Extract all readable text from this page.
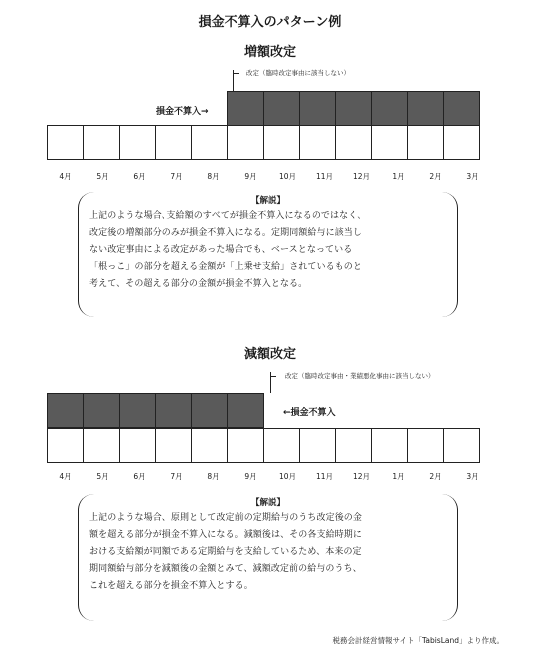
損金不算入のパターン例
増額改定
改定（臨時改定事由に該当しない）
損金不算入→
4月	5月	6月	7月	8月	9月	10月	11月	12月	1月	2月	3月
【解説】
上記のような場合､支給額のすべてが損金不算入になるのではなく､
改定後の増額部分のみが損金不算入になる。定期同額給与に該当し
ない改定事由による改定があった場合でも、ベースとなっている
「根っこ」の部分を超える金額が「上乗せ支給」されているものと
考えて、その超える部分の金額が損金不算入となる。
減額改定
改定（臨時改定事由・業績悪化事由に該当しない）
←損金不算入
4月	5月	6月	7月	8月	9月	10月	11月	12月	1月	2月	3月
【解説】
上記のような場合、原則として改定前の定期給与のうち改定後の金
額を超える部分が損金不算入になる。減額後は、その各支給時期に
おける支給額が同額である定期給与を支給しているため、本来の定
期同額給与部分を減額後の金額とみて、減額改定前の給与のうち、
これを超える部分を損金不算入とする。
税務会計経営情報サイト「TabisLand」より作成。
